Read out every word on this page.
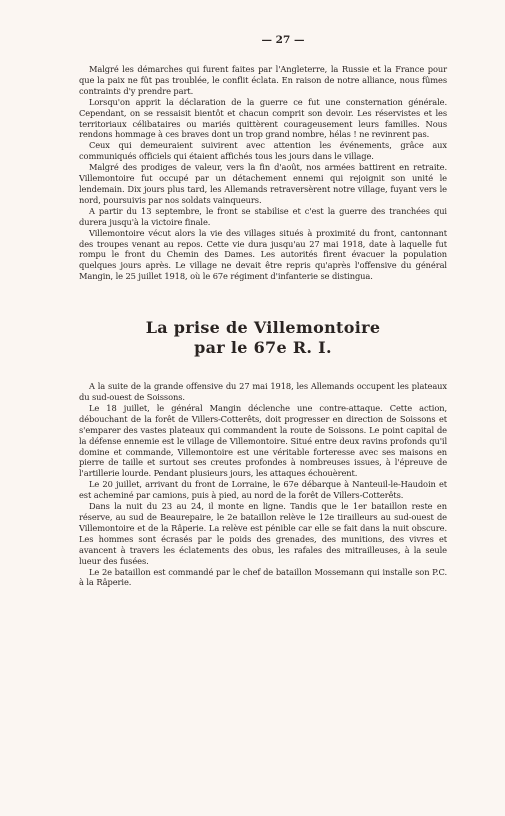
— 27 —

Malgré les démarches qui furent faites par l'Angleterre, la Russie et la France pour que la paix ne fût pas troublée, le conflit éclata. En raison de notre alliance, nous fûmes contraints d'y prendre part.

Lorsqu'on apprit la déclaration de la guerre ce fut une consternation générale. Cependant, on se ressaisit bientôt et chacun comprit son devoir. Les réservistes et les territoriaux célibataires ou mariés quittèrent courageusement leurs familles. Nous rendons hommage à ces braves dont un trop grand nombre, hélas ! ne revinrent pas.

Ceux qui demeuraient suivirent avec attention les événements, grâce aux communiqués officiels qui étaient affichés tous les jours dans le village.

Malgré des prodiges de valeur, vers la fin d'août, nos armées battirent en retraite. Villemontoire fut occupé par un détachement ennemi qui rejoignit son unité le lendemain. Dix jours plus tard, les Allemands retraversèrent notre village, fuyant vers le nord, poursuivis par nos soldats vainqueurs.

A partir du 13 septembre, le front se stabilise et c'est la guerre des tranchées qui durera jusqu'à la victoire finale.

Villemontoire vécut alors la vie des villages situés à proximité du front, cantonnant des troupes venant au repos. Cette vie dura jusqu'au 27 mai 1918, date à laquelle fut rompu le front du Chemin des Dames. Les autorités firent évacuer la population quelques jours après. Le village ne devait être repris qu'après l'offensive du général Mangin, le 25 juillet 1918, où le 67e régiment d'infanterie se distingua.

La prise de Villemontoire
par le 67e R. I.

A la suite de la grande offensive du 27 mai 1918, les Allemands occupent les plateaux du sud-ouest de Soissons.

Le 18 juillet, le général Mangin déclenche une contre-attaque. Cette action, débouchant de la forêt de Villers-Cotterêts, doit progresser en direction de Soissons et s'emparer des vastes plateaux qui commandent la route de Soissons. Le point capital de la défense ennemie est le village de Villemontoire. Situé entre deux ravins profonds qu'il domine et commande, Villemontoire est une véritable forteresse avec ses maisons en pierre de taille et surtout ses creutes profondes à nombreuses issues, à l'épreuve de l'artillerie lourde. Pendant plusieurs jours, les attaques échouèrent.

Le 20 juillet, arrivant du front de Lorraine, le 67e débarque à Nanteuil-le-Haudoin et est acheminé par camions, puis à pied, au nord de la forêt de Villers-Cotterêts.

Dans la nuit du 23 au 24, il monte en ligne. Tandis que le 1er bataillon reste en réserve, au sud de Beaurepaire, le 2e bataillon relève le 12e tirailleurs au sud-ouest de Villemontoire et de la Râperie. La relève est pénible car elle se fait dans la nuit obscure. Les hommes sont écrasés par le poids des grenades, des munitions, des vivres et avancent à travers les éclatements des obus, les rafales des mitrailleuses, à la seule lueur des fusées.

Le 2e bataillon est commandé par le chef de bataillon Mossemann qui installe son P.C. à la Râperie.
